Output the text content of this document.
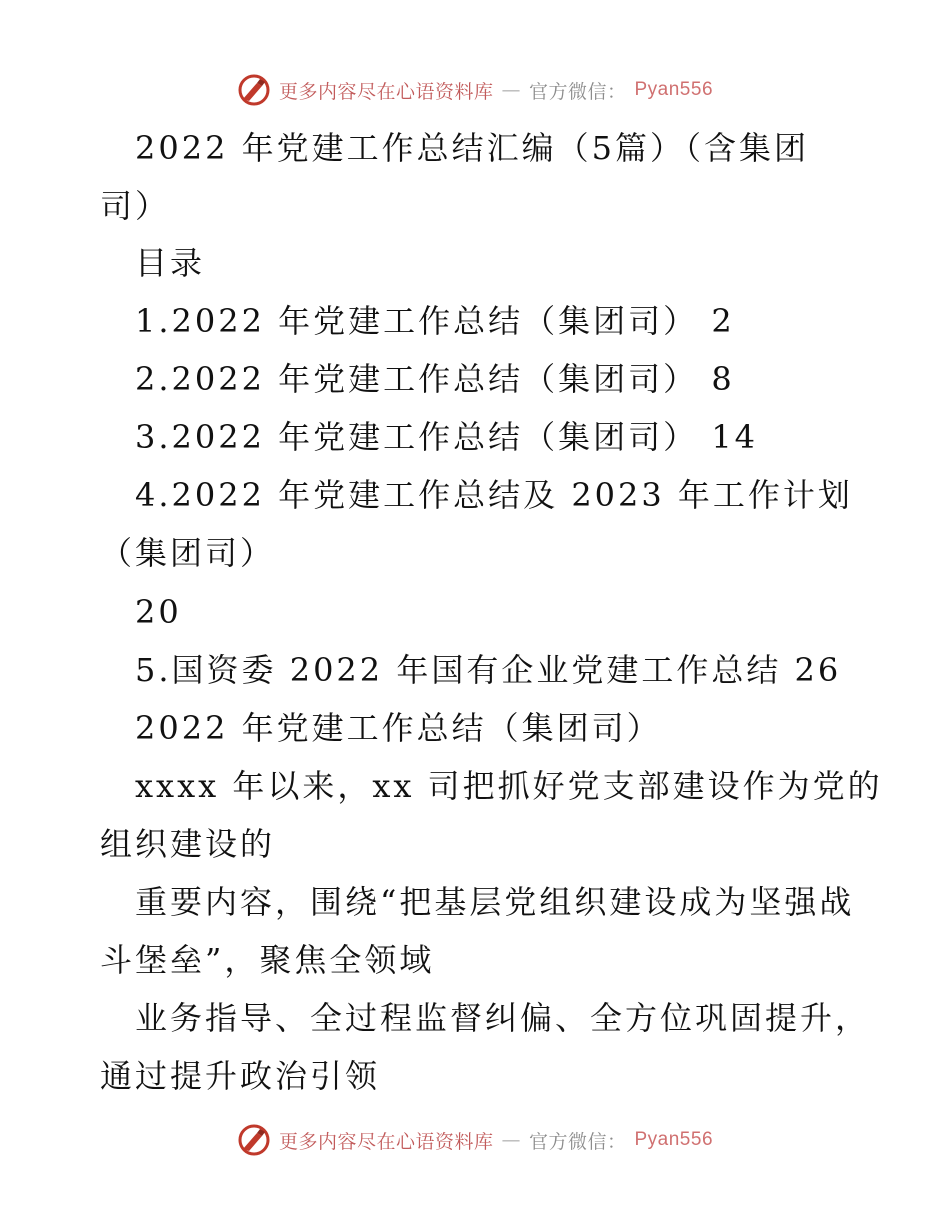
更多内容尽在心语资料库 — 官方微信： Pyan556
2022 年党建工作总结汇编（5篇）（含集团
司）
目录
1.2022 年党建工作总结（集团司） 2
2.2022 年党建工作总结（集团司） 8
3.2022 年党建工作总结（集团司） 14
4.2022 年党建工作总结及 2023 年工作计划
（集团司）
20
5.国资委 2022 年国有企业党建工作总结 26
2022 年党建工作总结（集团司）
xxxx 年以来，xx 司把抓好党支部建设作为党的
组织建设的
重要内容，围绕“把基层党组织建设成为坚强战
斗堡垒”，聚焦全领域
业务指导、全过程监督纠偏、全方位巩固提升，
通过提升政治引领
更多内容尽在心语资料库 — 官方微信： Pyan556
